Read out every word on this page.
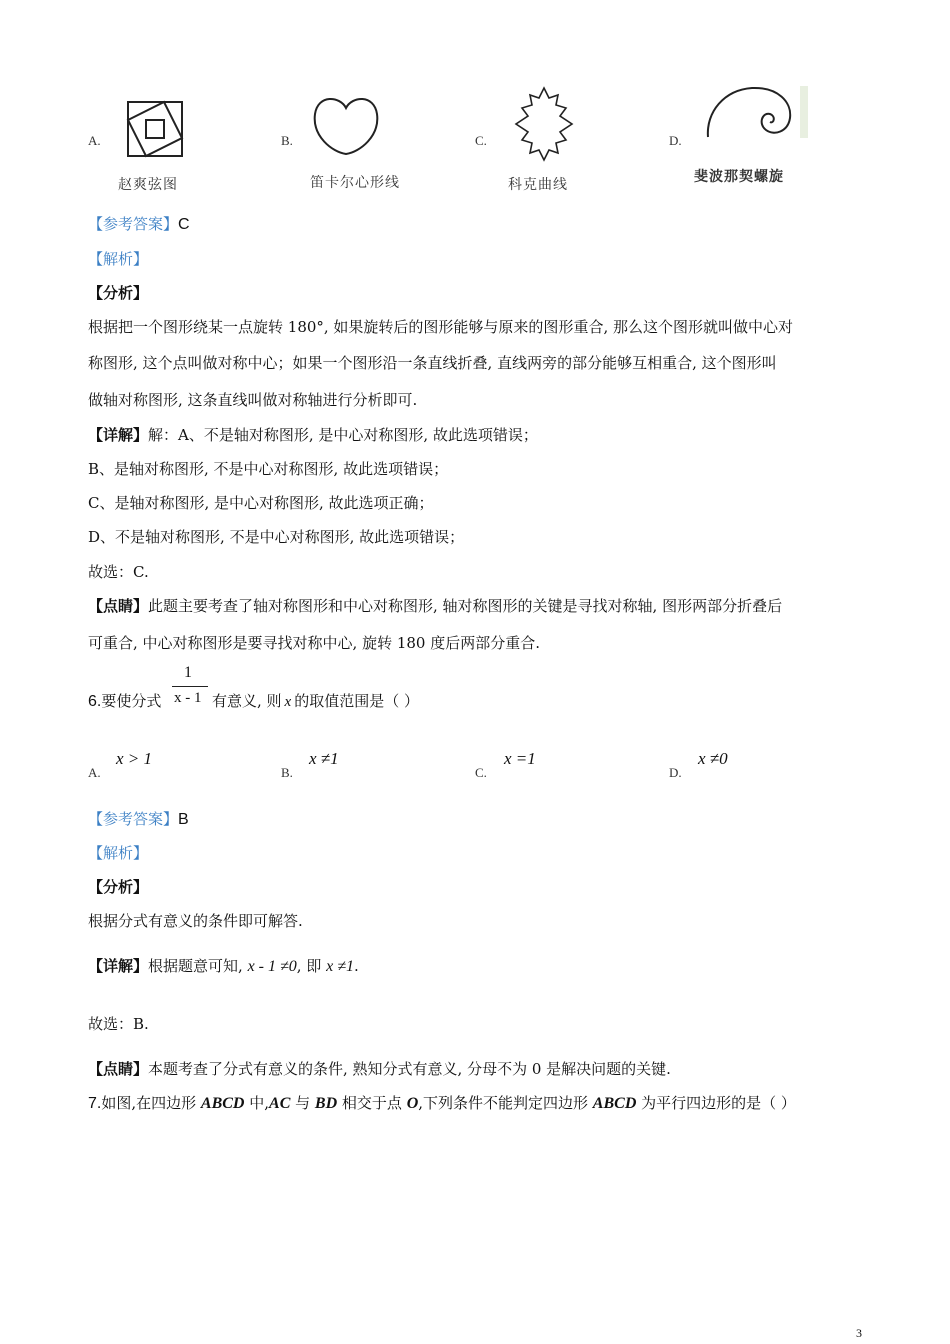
A.
赵爽弦图
B.
笛卡尔心形线
C.
科克曲线
D.
斐波那契螺旋
【参考答案】C
【解析】
【分析】
根据把一个图形绕某一点旋转 180°, 如果旋转后的图形能够与原来的图形重合, 那么这个图形就叫做中心对
称图形, 这个点叫做对称中心；如果一个图形沿一条直线折叠, 直线两旁的部分能够互相重合, 这个图形叫
做轴对称图形, 这条直线叫做对称轴进行分析即可.
【详解】解：A、不是轴对称图形, 是中心对称图形, 故此选项错误；
B、是轴对称图形, 不是中心对称图形, 故此选项错误；
C、是轴对称图形, 是中心对称图形, 故此选项正确；
D、不是轴对称图形, 不是中心对称图形, 故此选项错误；
故选：C.
【点睛】此题主要考查了轴对称图形和中心对称图形, 轴对称图形的关键是寻找对称轴, 图形两部分折叠后
可重合, 中心对称图形是要寻找对称中心, 旋转 180 度后两部分重合.
6.要使分式
1
x - 1 有意义, 则 x 的取值范围是（ ）
A.
x > 1
B.
x ≠1
C.
x =1
D.
x ≠0
【参考答案】B
【解析】
【分析】
根据分式有意义的条件即可解答.
【详解】根据题意可知, x - 1 ≠0, 即 x ≠1.
故选：B.
【点睛】本题考查了分式有意义的条件, 熟知分式有意义, 分母不为 0 是解决问题的关键.
7.如图,在四边形 ABCD 中,AC 与 BD 相交于点 O,下列条件不能判定四边形 ABCD 为平行四边形的是（ ）
3
